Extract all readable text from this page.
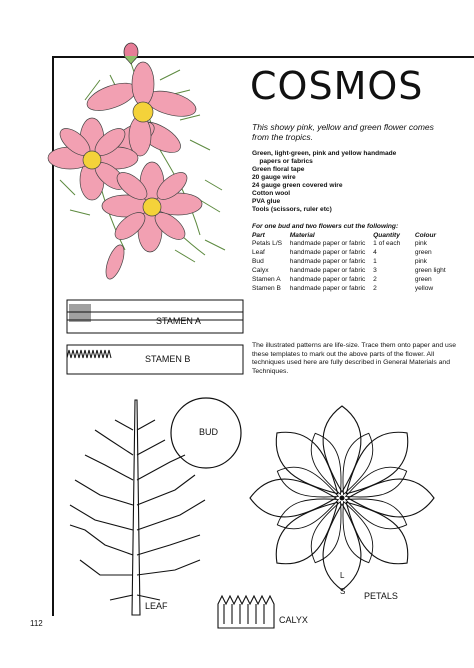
STAMEN A
STAMEN B
BUD
LEAF
CALYX
PETALS
L
S
COSMOS
This showy pink, yellow and green flower comes from the tropics.
Green, light-green, pink and yellow handmade
papers or fabrics
Green floral tape
20 gauge wire
24 gauge green covered wire
Cotton wool
PVA glue
Tools (scissors, ruler etc)
For one bud and two flowers cut the following:
Part	Material	Quantity	Colour
Petals L/S	handmade paper or fabric	1 of each	pink
Leaf	handmade paper or fabric	4	green
Bud	handmade paper or fabric	1	pink
Calyx	handmade paper or fabric	3	green light
Stamen A	handmade paper or fabric	2	green
Stamen B	handmade paper or fabric	2	yellow
The illustrated patterns are life-size. Trace them onto paper and use these templates to mark out the above parts of the flower. All techniques used here are fully described in General Materials and Techniques.
112
